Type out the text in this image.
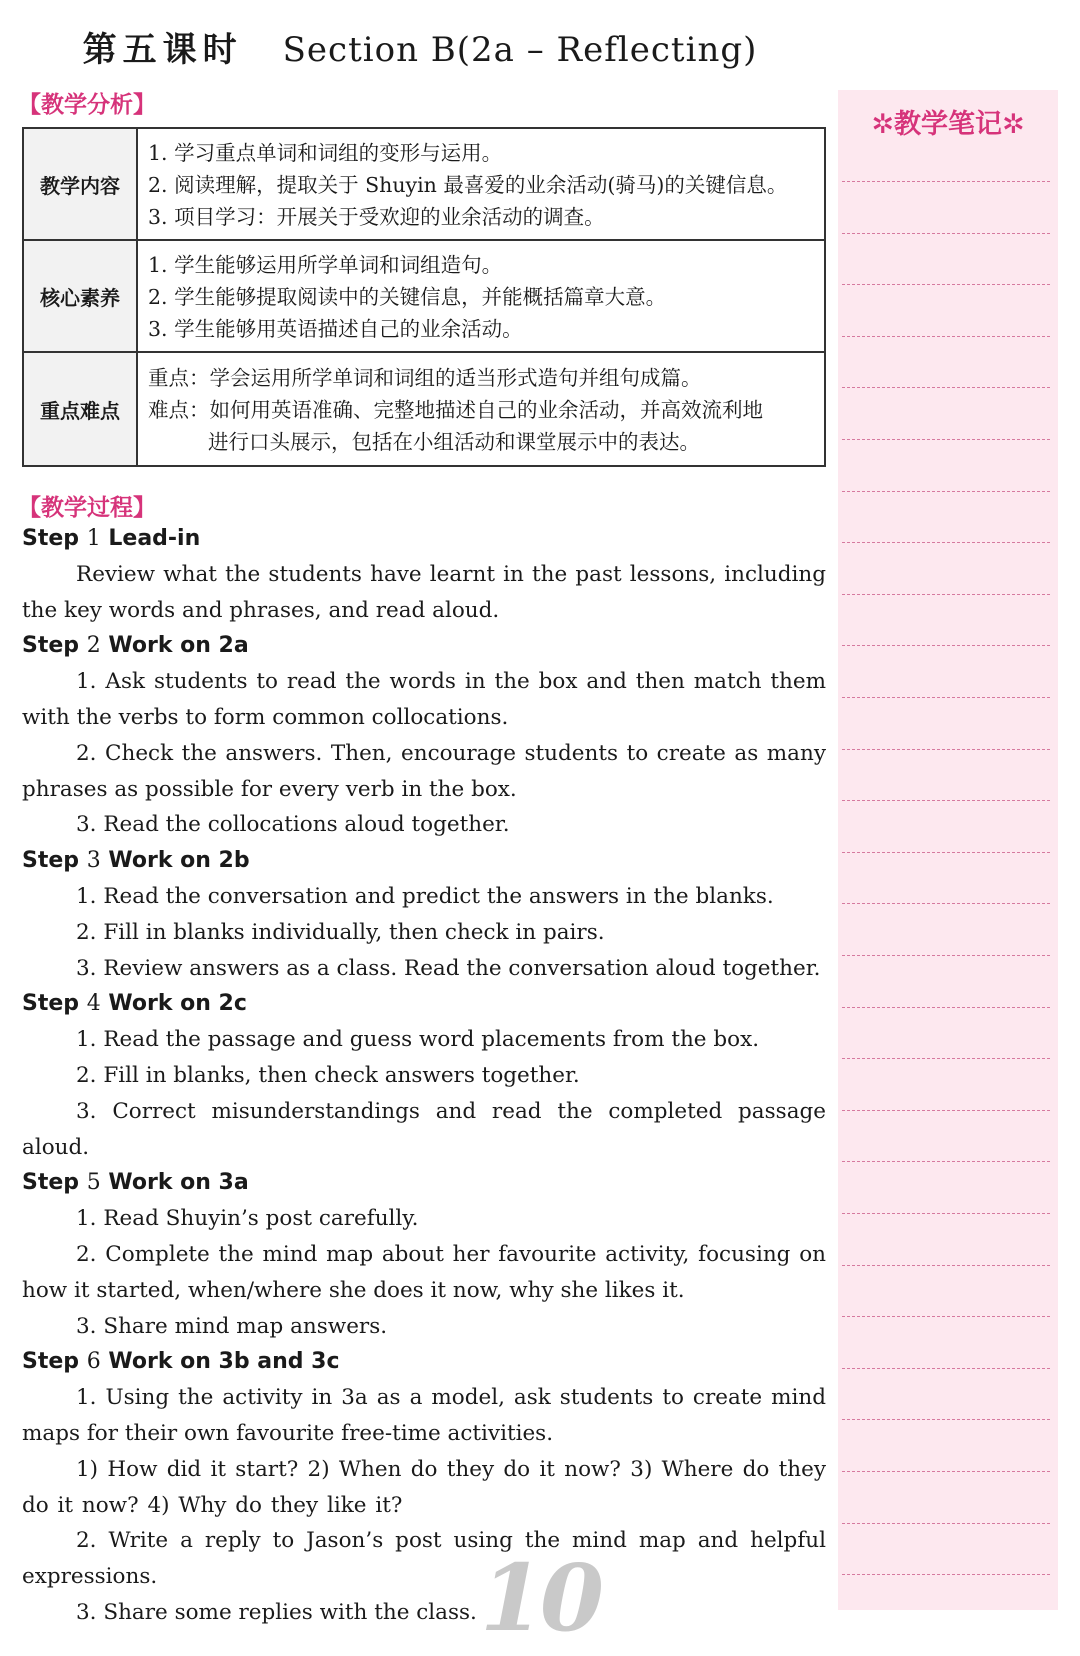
第五课时 Section B(2a – Reflecting)
【教学分析】
教学内容	1. 学习重点单词和词组的变形与运用。
2. 阅读理解，提取关于 Shuyin 最喜爱的业余活动(骑马)的关键信息。
3. 项目学习：开展关于受欢迎的业余活动的调查。

核心素养	1. 学生能够运用所学单词和词组造句。
2. 学生能够提取阅读中的关键信息，并能概括篇章大意。
3. 学生能够用英语描述自己的业余活动。

重点难点	重点：学会运用所学单词和词组的适当形式造句并组句成篇。
难点：如何用英语准确、完整地描述自己的业余活动，并高效流利地
进行口头展示，包括在小组活动和课堂展示中的表达。
【教学过程】
✲教学笔记✲
Step 1 Lead-in
Review what the students have learnt in the past lessons, including the key words and phrases, and read aloud.
Step 2 Work on 2a
1. Ask students to read the words in the box and then match them with the verbs to form common collocations.
2. Check the answers. Then, encourage students to create as many phrases as possible for every verb in the box.
3. Read the collocations aloud together.
Step 3 Work on 2b
1. Read the conversation and predict the answers in the blanks.
2. Fill in blanks individually, then check in pairs.
3. Review answers as a class. Read the conversation aloud together.
Step 4 Work on 2c
1. Read the passage and guess word placements from the box.
2. Fill in blanks, then check answers together.
3. Correct misunderstandings and read the completed passage aloud.
Step 5 Work on 3a
1. Read Shuyin’s post carefully.
2. Complete the mind map about her favourite activity, focusing on how it started, when/where she does it now, why she likes it.
3. Share mind map answers.
Step 6 Work on 3b and 3c
1. Using the activity in 3a as a model, ask students to create mind maps for their own favourite free-time activities.
1) How did it start? 2) When do they do it now? 3) Where do they do it now? 4) Why do they like it?
2. Write a reply to Jason’s post using the mind map and helpful expressions.
3. Share some replies with the class. 10
